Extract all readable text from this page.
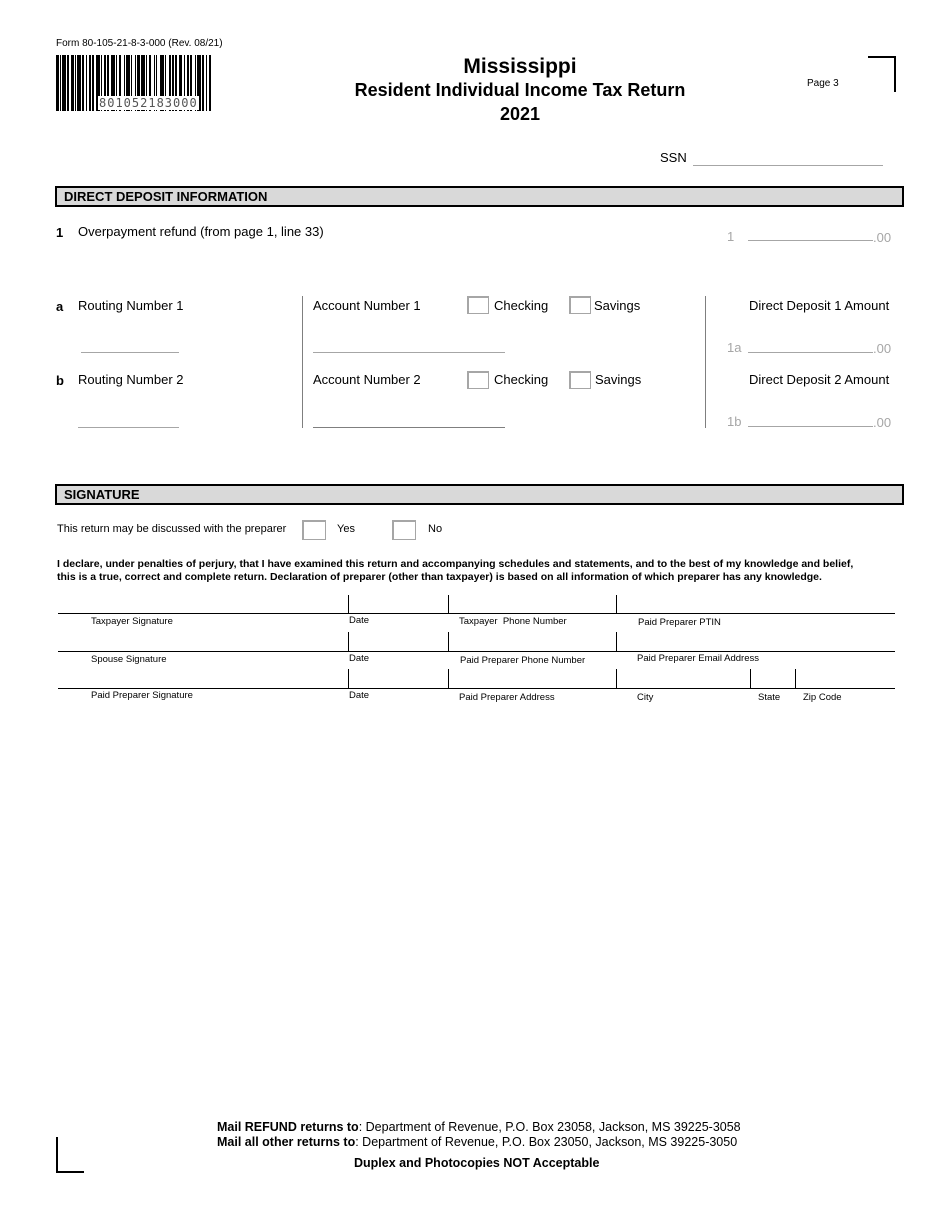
Form 80-105-21-8-3-000 (Rev. 08/21)
801052183000
Mississippi
Resident Individual Income Tax Return
2021
Page 3
SSN
DIRECT DEPOSIT INFORMATION
1 Overpayment refund (from page 1, line 33)	1	.00
a Routing Number 1	Account Number 1	Checking	Savings	Direct Deposit 1 Amount
1a	.00
b Routing Number 2	Account Number 2	Checking	Savings	Direct Deposit 2 Amount
1b	.00
SIGNATURE
This return may be discussed with the preparer	Yes	No
I declare, under penalties of perjury, that I have examined this return and accompanying schedules and statements, and to the best of my knowledge and belief,
this is a true, correct and complete return. Declaration of preparer (other than taxpayer) is based on all information of which preparer has any knowledge.
Taxpayer Signature	Date	Taxpayer  Phone Number	Paid Preparer PTIN
Spouse Signature	Date	Paid Preparer Phone Number	Paid Preparer Email Address
Paid Preparer Signature	Date	Paid Preparer Address	City	State Zip Code
Mail REFUND returns to: Department of Revenue, P.O. Box 23058, Jackson, MS 39225-3058
Mail all other returns to: Department of Revenue, P.O. Box 23050, Jackson, MS 39225-3050
Duplex and Photocopies NOT Acceptable
